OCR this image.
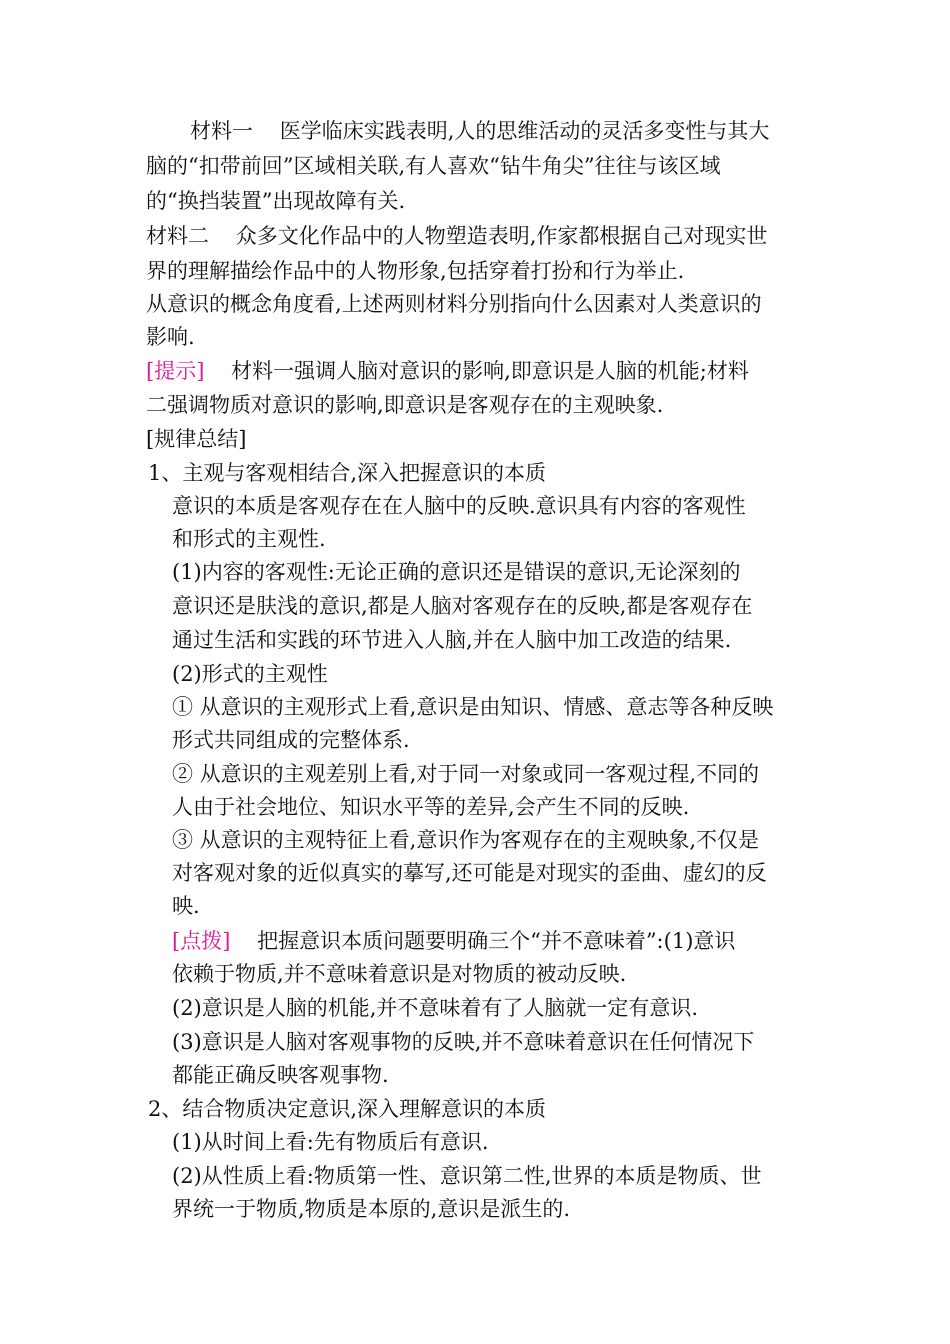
材料一    医学临床实践表明,人的思维活动的灵活多变性与其大
脑的“扣带前回”区域相关联,有人喜欢“钻牛角尖”往往与该区域
的“换挡装置”出现故障有关.
材料二    众多文化作品中的人物塑造表明,作家都根据自己对现实世
界的理解描绘作品中的人物形象,包括穿着打扮和行为举止.
从意识的概念角度看,上述两则材料分别指向什么因素对人类意识的
影响.
[提示]    材料一强调人脑对意识的影响,即意识是人脑的机能;材料
二强调物质对意识的影响,即意识是客观存在的主观映象.
[规律总结]
1、主观与客观相结合,深入把握意识的本质
意识的本质是客观存在在人脑中的反映.意识具有内容的客观性
和形式的主观性.
(1)内容的客观性:无论正确的意识还是错误的意识,无论深刻的
意识还是肤浅的意识,都是人脑对客观存在的反映,都是客观存在
通过生活和实践的环节进入人脑,并在人脑中加工改造的结果.
(2)形式的主观性
① 从意识的主观形式上看,意识是由知识、情感、意志等各种反映
形式共同组成的完整体系.
② 从意识的主观差别上看,对于同一对象或同一客观过程,不同的
人由于社会地位、知识水平等的差异,会产生不同的反映.
③ 从意识的主观特征上看,意识作为客观存在的主观映象,不仅是
对客观对象的近似真实的摹写,还可能是对现实的歪曲、虚幻的反
映.
[点拨]    把握意识本质问题要明确三个“并不意味着”:(1)意识
依赖于物质,并不意味着意识是对物质的被动反映.
(2)意识是人脑的机能,并不意味着有了人脑就一定有意识.
(3)意识是人脑对客观事物的反映,并不意味着意识在任何情况下
都能正确反映客观事物.
2、结合物质决定意识,深入理解意识的本质
(1)从时间上看:先有物质后有意识.
(2)从性质上看:物质第一性、意识第二性,世界的本质是物质、世
界统一于物质,物质是本原的,意识是派生的.
